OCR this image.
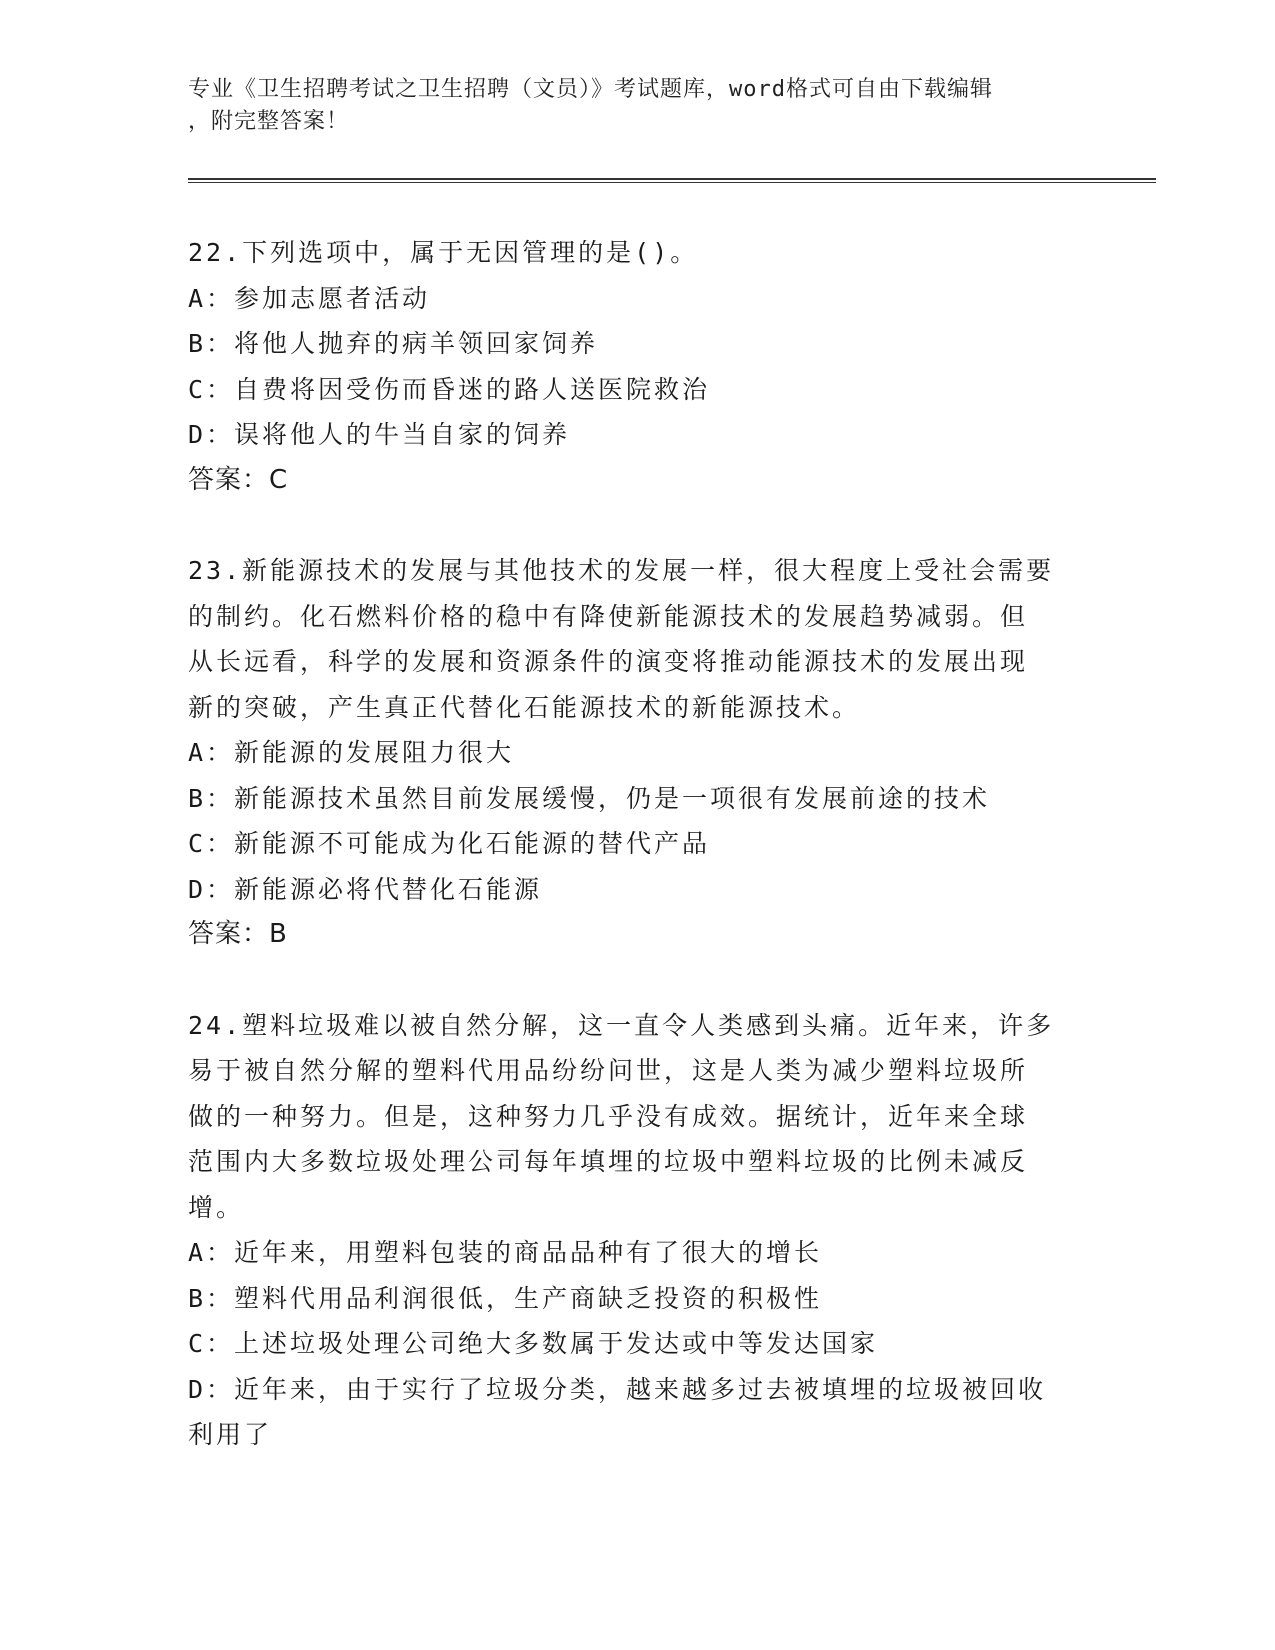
专业《卫生招聘考试之卫生招聘（文员）》考试题库，word格式可自由下载编辑
，附完整答案！

22.下列选项中，属于无因管理的是()。

A：参加志愿者活动

B：将他人抛弃的病羊领回家饲养

C：自费将因受伤而昏迷的路人送医院救治

D：误将他人的牛当自家的饲养

答案：C

23.新能源技术的发展与其他技术的发展一样，很大程度上受社会需要

的制约。化石燃料价格的稳中有降使新能源技术的发展趋势减弱。但

从长远看，科学的发展和资源条件的演变将推动能源技术的发展出现

新的突破，产生真正代替化石能源技术的新能源技术。

A：新能源的发展阻力很大

B：新能源技术虽然目前发展缓慢，仍是一项很有发展前途的技术

C：新能源不可能成为化石能源的替代产品

D：新能源必将代替化石能源

答案：B

24.塑料垃圾难以被自然分解，这一直令人类感到头痛。近年来，许多

易于被自然分解的塑料代用品纷纷问世，这是人类为减少塑料垃圾所

做的一种努力。但是，这种努力几乎没有成效。据统计，近年来全球

范围内大多数垃圾处理公司每年填埋的垃圾中塑料垃圾的比例未减反

增。

A：近年来，用塑料包装的商品品种有了很大的增长

B：塑料代用品利润很低，生产商缺乏投资的积极性

C：上述垃圾处理公司绝大多数属于发达或中等发达国家

D：近年来，由于实行了垃圾分类，越来越多过去被填埋的垃圾被回收

利用了
